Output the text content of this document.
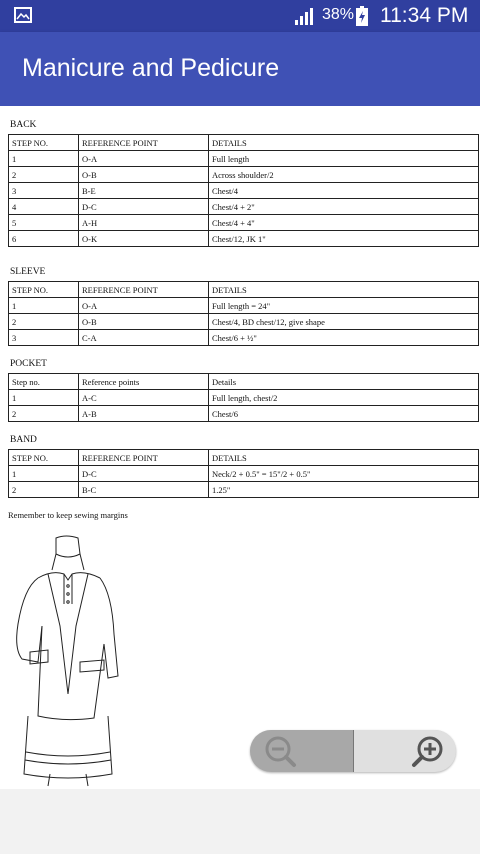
38% 11:34 PM
Manicure and Pedicure
BACK
STEP NO.	REFERENCE POINT	DETAILS
1	O-A	Full length
2	O-B	Across shoulder/2
3	B-E	Chest/4
4	D-C	Chest/4 + 2"
5	A-H	Chest/4 + 4"
6	O-K	Chest/12, JK 1"
SLEEVE
STEP NO.	REFERENCE POINT	DETAILS
1	O-A	Full length = 24"
2	O-B	Chest/4, BD chest/12, give shape
3	C-A	Chest/6 + ½"
POCKET
Step no.	Reference points	Details
1	A-C	Full length, chest/2
2	A-B	Chest/6
BAND
STEP NO.	REFERENCE POINT	DETAILS
1	D-C	Neck/2 + 0.5" = 15"/2 + 0.5"
2	B-C	1.25"
Remember to keep sewing margins
